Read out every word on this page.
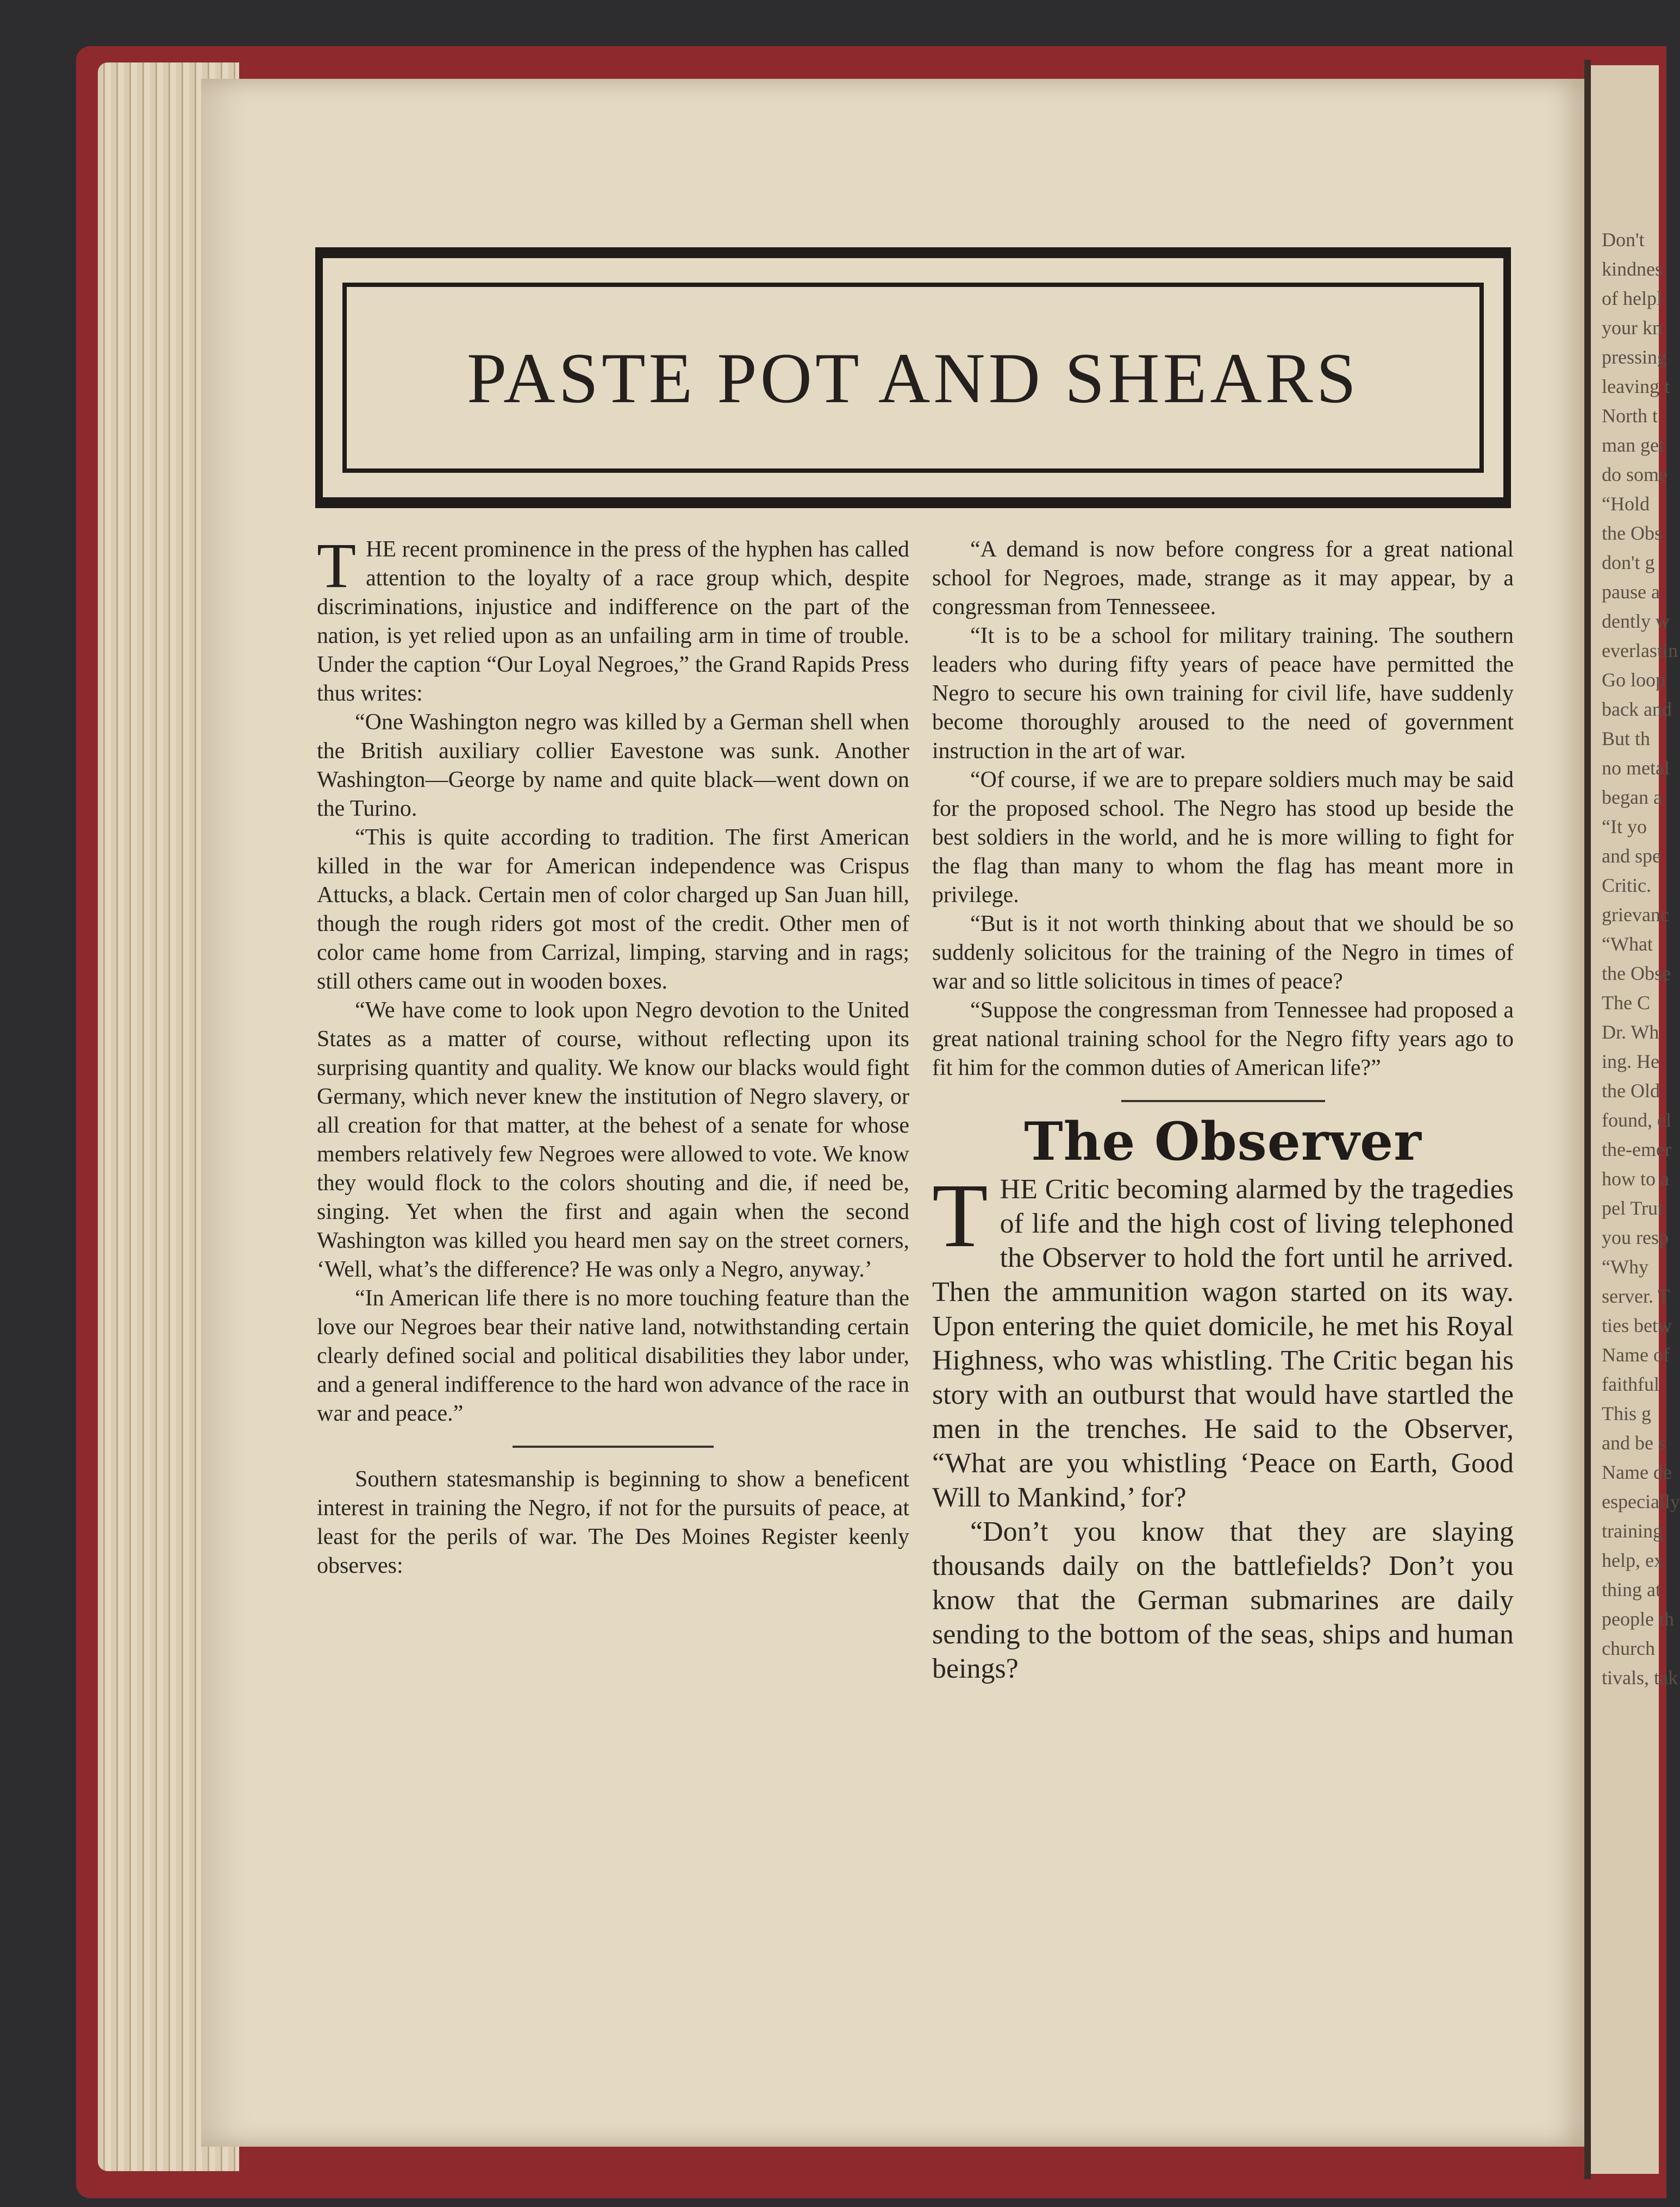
Don't
kindnes
of helpl
your kn
pressing
leaving t
North t
man get
do some
“Hold
the Obs
don't g
pause a
dently w
everlastin
Go loop
back and
But th
no metal
began a
“It yo
and spe
Critic.
grievanc
“What
the Obse
The C
Dr. Wh
ing. He
the Old
found, el
the-emer
how to a
pel Trut
you resp
“Why
server. T
ties betw
Name of
faithful
This g
and be s
Name de
especially
training
help, ex
thing at
people th
church
tivals, tak
PASTE POT AND SHEARS

THE recent prominence in the press of the hyphen has called attention to the loyalty of a race group which, despite discriminations, injustice and indifference on the part of the nation, is yet relied upon as an unfailing arm in time of trouble. Under the caption “Our Loyal Negroes,” the Grand Rapids Press thus writes:

“One Washington negro was killed by a German shell when the British auxiliary collier Eavestone was sunk. Another Washington—George by name and quite black—went down on the Turino.

“This is quite according to tradition. The first American killed in the war for American independence was Crispus Attucks, a black. Certain men of color charged up San Juan hill, though the rough riders got most of the credit. Other men of color came home from Carrizal, limping, starving and in rags; still others came out in wooden boxes.

“We have come to look upon Negro devotion to the United States as a matter of course, without reflecting upon its surprising quantity and quality. We know our blacks would fight Germany, which never knew the institution of Negro slavery, or all creation for that matter, at the behest of a senate for whose members relatively few Negroes were allowed to vote. We know they would flock to the colors shouting and die, if need be, singing. Yet when the first and again when the second Washington was killed you heard men say on the street corners, ‘Well, what’s the difference? He was only a Negro, anyway.’

“In American life there is no more touching feature than the love our Negroes bear their native land, notwithstanding certain clearly defined social and political disabilities they labor under, and a general indifference to the hard won advance of the race in war and peace.”

Southern statesmanship is beginning to show a beneficent interest in training the Negro, if not for the pursuits of peace, at least for the perils of war. The Des Moines Register keenly observes:

“A demand is now before congress for a great national school for Negroes, made, strange as it may appear, by a congressman from Tennesseee.

“It is to be a school for military training. The southern leaders who during fifty years of peace have permitted the Negro to secure his own training for civil life, have suddenly become thoroughly aroused to the need of government instruction in the art of war.

“Of course, if we are to prepare soldiers much may be said for the proposed school. The Negro has stood up beside the best soldiers in the world, and he is more willing to fight for the flag than many to whom the flag has meant more in privilege.

“But is it not worth thinking about that we should be so suddenly solicitous for the training of the Negro in times of war and so little solicitous in times of peace?

“Suppose the congressman from Tennessee had proposed a great national training school for the Negro fifty years ago to fit him for the common duties of American life?”

The Observer

THE Critic becoming alarmed by the tragedies of life and the high cost of living telephoned the Observer to hold the fort until he arrived. Then the ammunition wagon started on its way. Upon entering the quiet domicile, he met his Royal Highness, who was whistling. The Critic began his story with an outburst that would have startled the men in the trenches. He said to the Observer, “What are you whistling ‘Peace on Earth, Good Will to Mankind,’ for?

“Don’t you know that they are slaying thousands daily on the battlefields? Don’t you know that the German submarines are daily sending to the bottom of the seas, ships and human beings?
